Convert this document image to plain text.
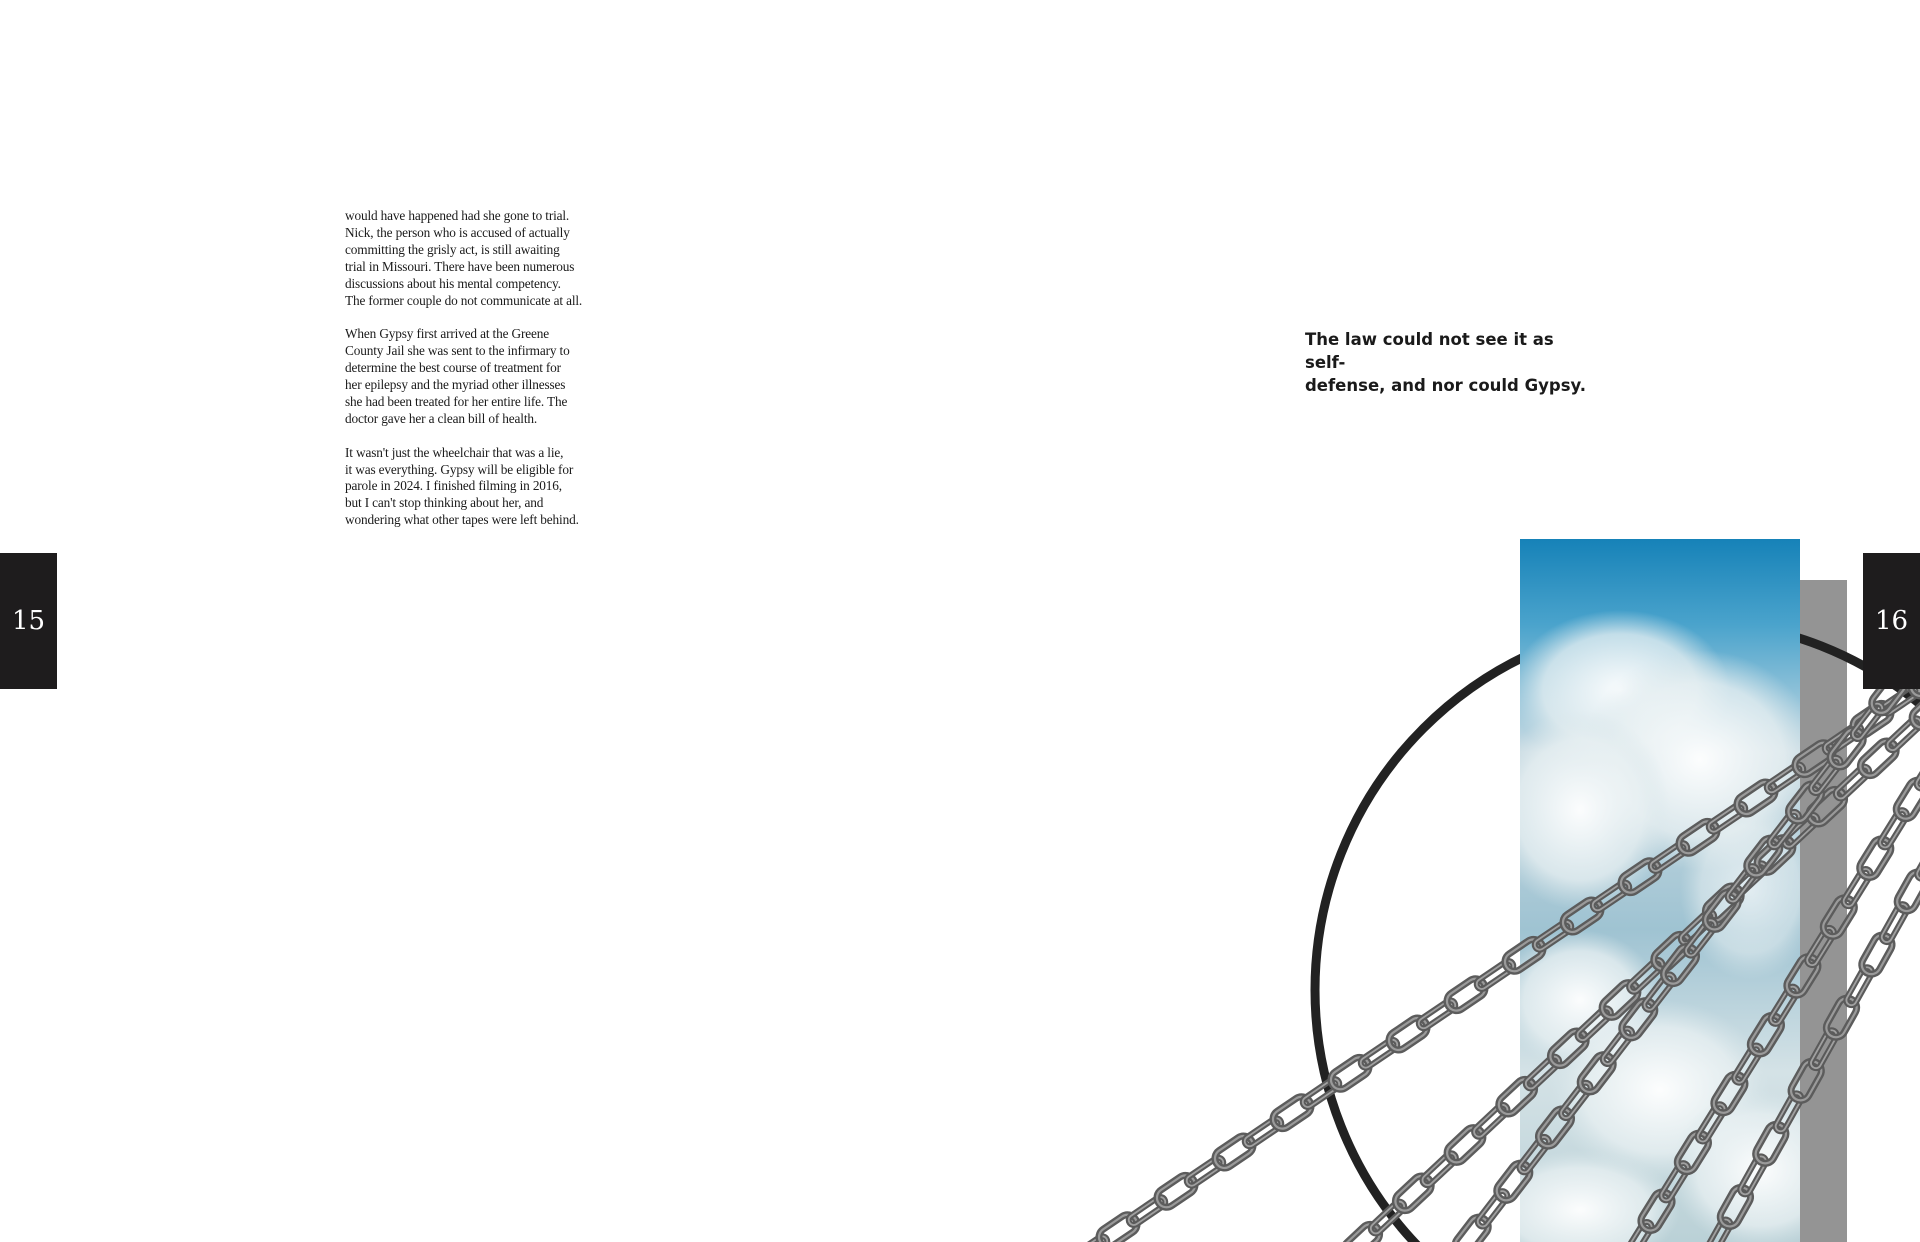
would have happened had she gone to trial.
Nick, the person who is accused of actually
committing the grisly act, is still awaiting
trial in Missouri. There have been numerous
discussions about his mental competency.
The former couple do not communicate at all.

When Gypsy first arrived at the Greene
County Jail she was sent to the infirmary to
determine the best course of treatment for
her epilepsy and the myriad other illnesses
she had been treated for her entire life. The
doctor gave her a clean bill of health.

It wasn't just the wheelchair that was a lie,
it was everything. Gypsy will be eligible for
parole in 2024. I finished filming in 2016,
but I can't stop thinking about her, and
wondering what other tapes were left behind.

15
The law could not see it as self-
defense, and nor could Gypsy.
16
